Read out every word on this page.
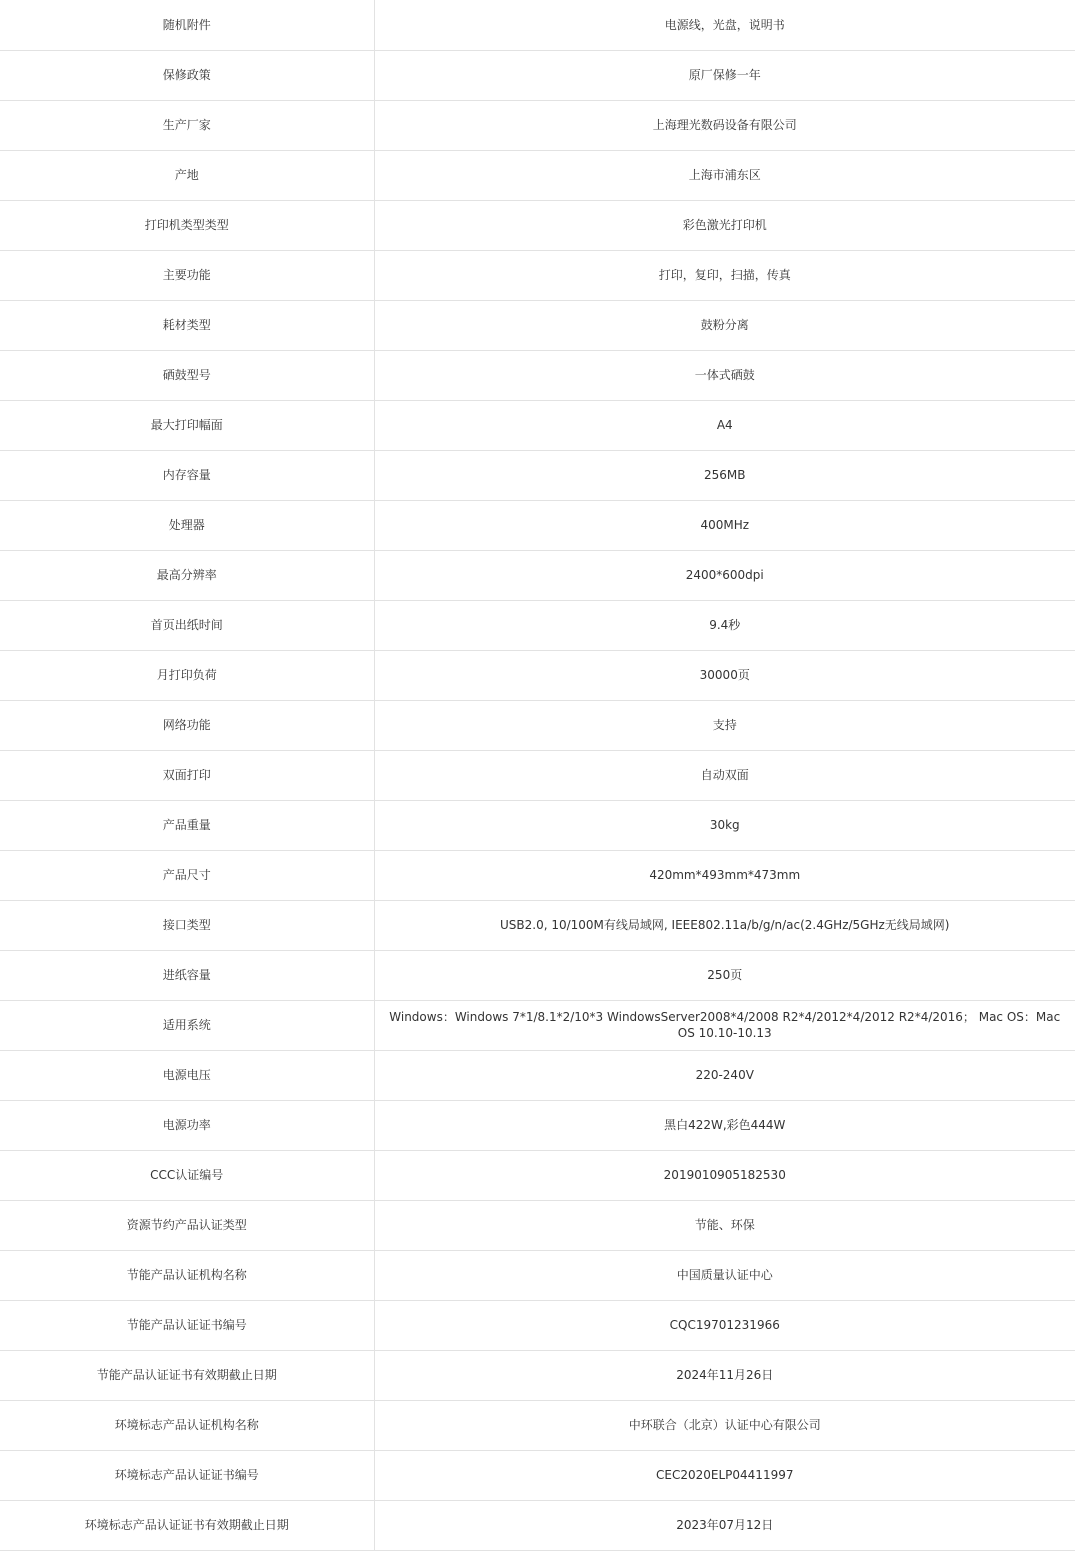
随机附件	电源线，光盘，说明书
保修政策	原厂保修一年
生产厂家	上海理光数码设备有限公司
产地	上海市浦东区
打印机类型类型	彩色激光打印机
主要功能	打印，复印，扫描，传真
耗材类型	鼓粉分离
硒鼓型号	一体式硒鼓
最大打印幅面	A4
内存容量	256MB
处理器	400MHz
最高分辨率	2400*600dpi
首页出纸时间	9.4秒
月打印负荷	30000页
网络功能	支持
双面打印	自动双面
产品重量	30kg
产品尺寸	420mm*493mm*473mm
接口类型	USB2.0, 10/100M有线局域网, IEEE802.11a/b/g/n/ac(2.4GHz/5GHz无线局域网)
进纸容量	250页
适用系统	Windows：Windows 7*1/8.1*2/10*3 WindowsServer2008*4/2008 R2*4/2012*4/2012 R2*4/2016； Mac OS：Mac OS 10.10-10.13
电源电压	220-240V
电源功率	黑白422W,彩色444W
CCC认证编号	2019010905182530
资源节约产品认证类型	节能、环保
节能产品认证机构名称	中国质量认证中心
节能产品认证证书编号	CQC19701231966
节能产品认证证书有效期截止日期	2024年11月26日
环境标志产品认证机构名称	中环联合（北京）认证中心有限公司
环境标志产品认证证书编号	CEC2020ELP04411997
环境标志产品认证证书有效期截止日期	2023年07月12日
